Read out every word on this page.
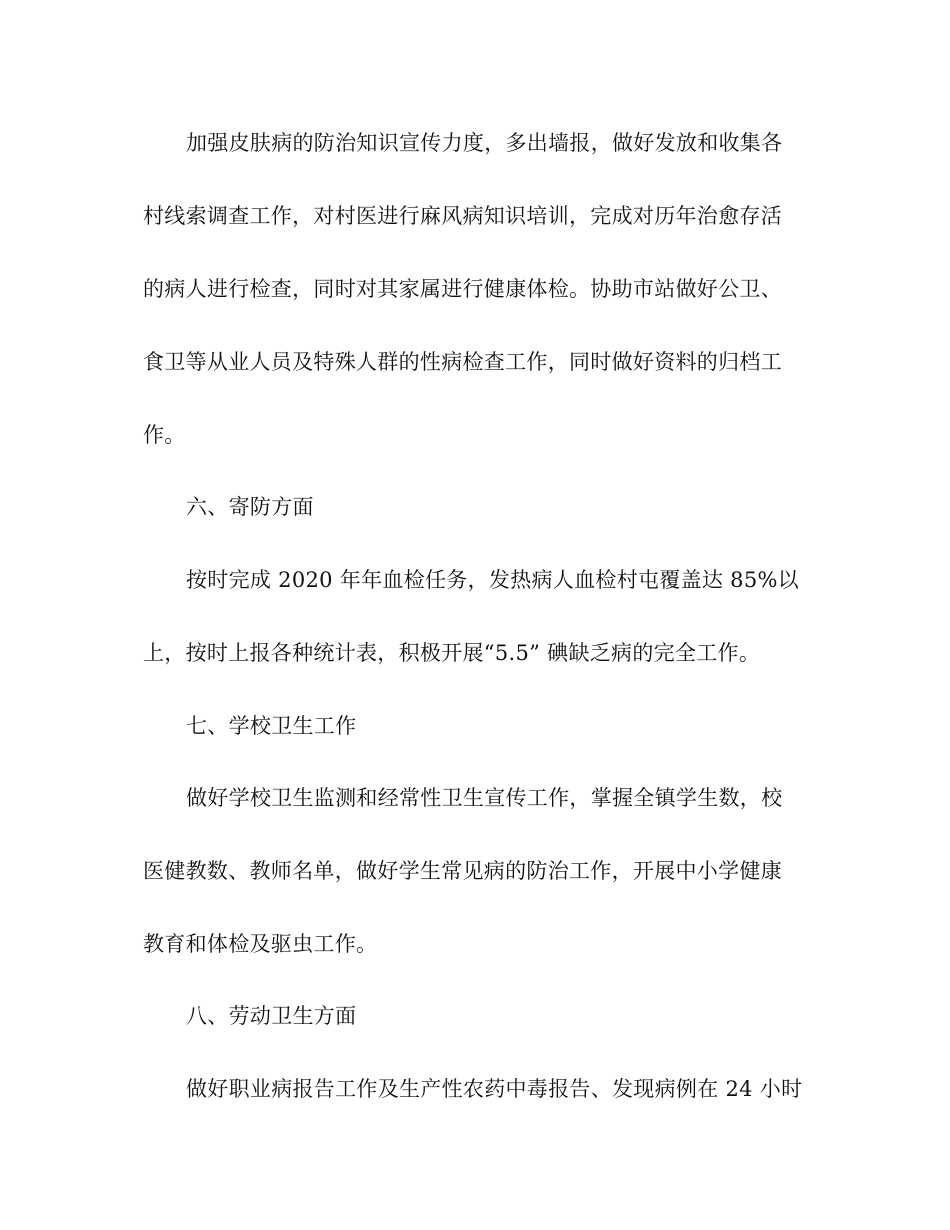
加强皮肤病的防治知识宣传力度，多出墙报，做好发放和收集各
村线索调查工作，对村医进行麻风病知识培训，完成对历年治愈存活
的病人进行检查，同时对其家属进行健康体检。协助市站做好公卫、
食卫等从业人员及特殊人群的性病检查工作，同时做好资料的归档工
作。
六、寄防方面
按时完成 2020 年年血检任务，发热病人血检村屯覆盖达 85%以
上，按时上报各种统计表，积极开展“5.5” 碘缺乏病的完全工作。
七、学校卫生工作
做好学校卫生监测和经常性卫生宣传工作，掌握全镇学生数，校
医健教数、教师名单，做好学生常见病的防治工作，开展中小学健康
教育和体检及驱虫工作。
八、劳动卫生方面
做好职业病报告工作及生产性农药中毒报告、发现病例在 24 小时
